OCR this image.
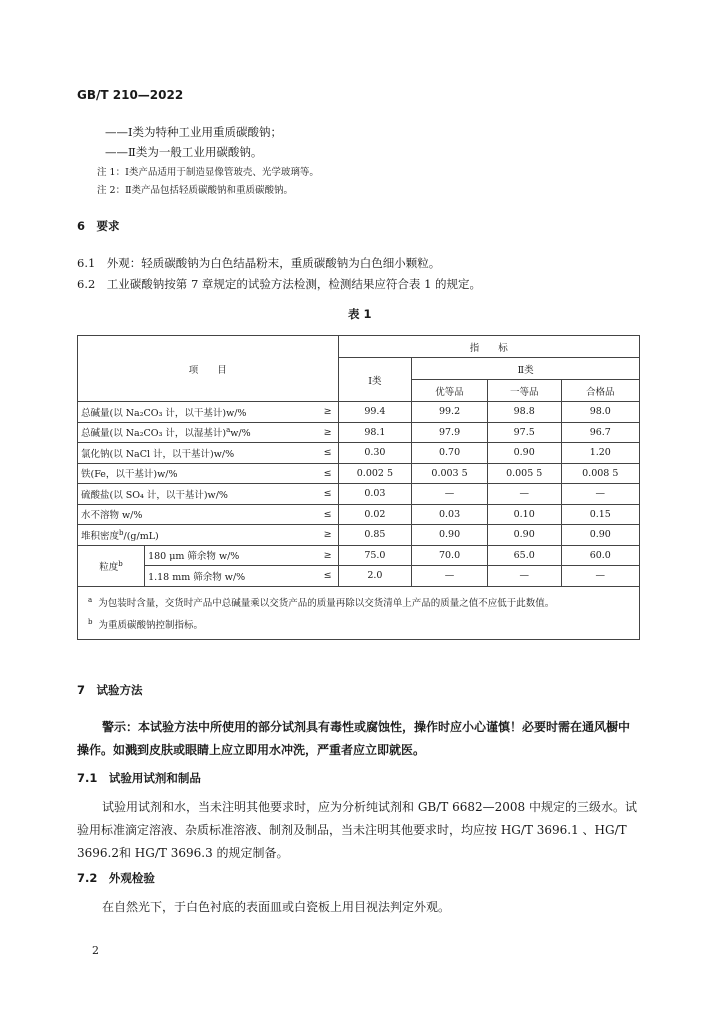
GB/T 210—2022
——Ⅰ类为特种工业用重质碳酸钠；
——Ⅱ类为一般工业用碳酸钠。
注 1：Ⅰ类产品适用于制造显像管玻壳、光学玻璃等。
注 2：Ⅱ类产品包括轻质碳酸钠和重质碳酸钠。
6　要求
6.1　外观：轻质碳酸钠为白色结晶粉末，重质碳酸钠为白色细小颗粒。
6.2　工业碳酸钠按第 7 章规定的试验方法检测，检测结果应符合表 1 的规定。
表 1
项　　目			指　　标			
			Ⅰ类	Ⅱ类		
				优等品	一等品	合格品
总碱量(以 Na₂CO₃ 计，以干基计)w/%		≥	99.4	99.2	98.8	98.0
总碱量(以 Na₂CO₃ 计，以湿基计)$^a$w/%		≥	98.1	97.9	97.5	96.7
氯化钠(以 NaCl 计，以干基计)w/%		≤	0.30	0.70	0.90	1.20
铁(Fe，以干基计)w/%		≤	0.002 5	0.003 5	0.005 5	0.008 5
硫酸盐(以 SO₄ 计，以干基计)w/%		≤	0.03	—	—	—
水不溶物 w/%		≤	0.02	0.03	0.10	0.15
堆积密度$^b$/(g/mL)		≥	0.85	0.90	0.90	0.90
粒度$^b$	180 μm 筛余物 w/%	≥	75.0	70.0	65.0	60.0
	1.18 mm 筛余物 w/%	≤	2.0	—	—	—

$^a$ 为包装时含量，交货时产品中总碱量乘以交货产品的质量再除以交货清单上产品的质量之值不应低于此数值。
$^b$ 为重质碳酸钠控制指标。						
7　试验方法
警示：本试验方法中所使用的部分试剂具有毒性或腐蚀性，操作时应小心谨慎！必要时需在通风橱中操作。如溅到皮肤或眼睛上应立即用水冲洗，严重者应立即就医。
7.1　试验用试剂和制品
试验用试剂和水，当未注明其他要求时，应为分析纯试剂和 GB/T 6682—2008 中规定的三级水。试验用标准滴定溶液、杂质标准溶液、制剂及制品，当未注明其他要求时，均应按 HG/T 3696.1 、HG/T 3696.2和 HG/T 3696.3 的规定制备。
7.2　外观检验
在自然光下，于白色衬底的表面皿或白瓷板上用目视法判定外观。
2
